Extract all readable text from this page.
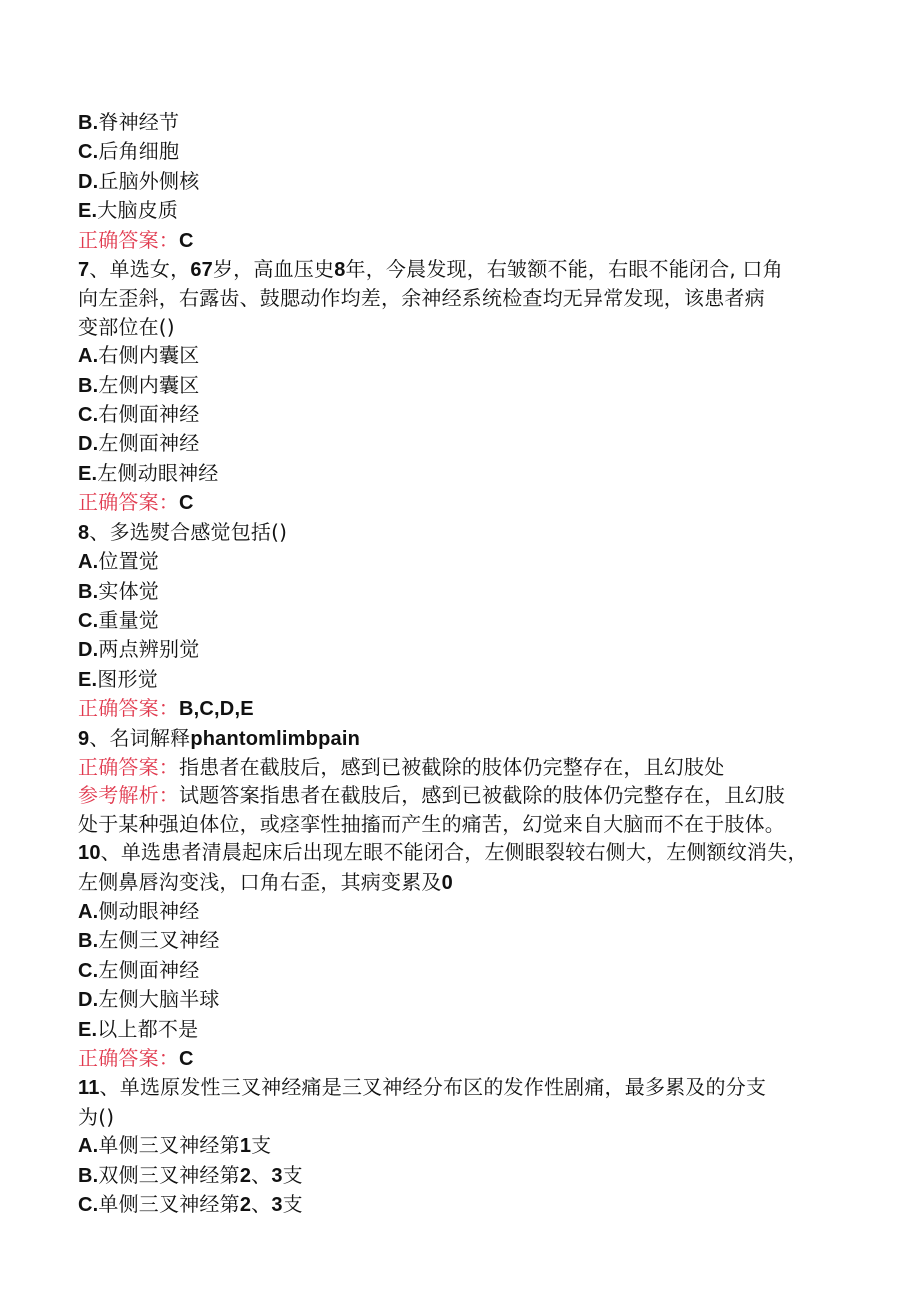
B.脊神经节
C.后角细胞
D.丘脑外侧核
E.大脑皮质
正确答案：C
7、单选女，67岁，高血压史8年，今晨发现，右皱额不能，右眼不能闭合, 口角
向左歪斜，右露齿、鼓腮动作均差，余神经系统检查均无异常发现，该患者病
变部位在()
A.右侧内囊区
B.左侧内囊区
C.右侧面神经
D.左侧面神经
E.左侧动眼神经
正确答案：C
8、多选熨合感觉包括()
A.位置觉
B.实体觉
C.重量觉
D.两点辨别觉
E.图形觉
正确答案：B,C,D,E
9、名词解释phantomlimbpain
正确答案：指患者在截肢后，感到已被截除的肢体仍完整存在，且幻肢处
参考解析：试题答案指患者在截肢后，感到已被截除的肢体仍完整存在，且幻肢
处于某种强迫体位，或痉挛性抽搐而产生的痛苦，幻觉来自大脑而不在于肢体。
10、单选患者清晨起床后出现左眼不能闭合，左侧眼裂较右侧大，左侧额纹消失，
左侧鼻唇沟变浅，口角右歪，其病变累及0
A.侧动眼神经
B.左侧三叉神经
C.左侧面神经
D.左侧大脑半球
E.以上都不是
正确答案：C
11、单选原发性三叉神经痛是三叉神经分布区的发作性剧痛，最多累及的分支
为()
A.单侧三叉神经第1支
B.双侧三叉神经第2、3支
C.单侧三叉神经第2、3支
